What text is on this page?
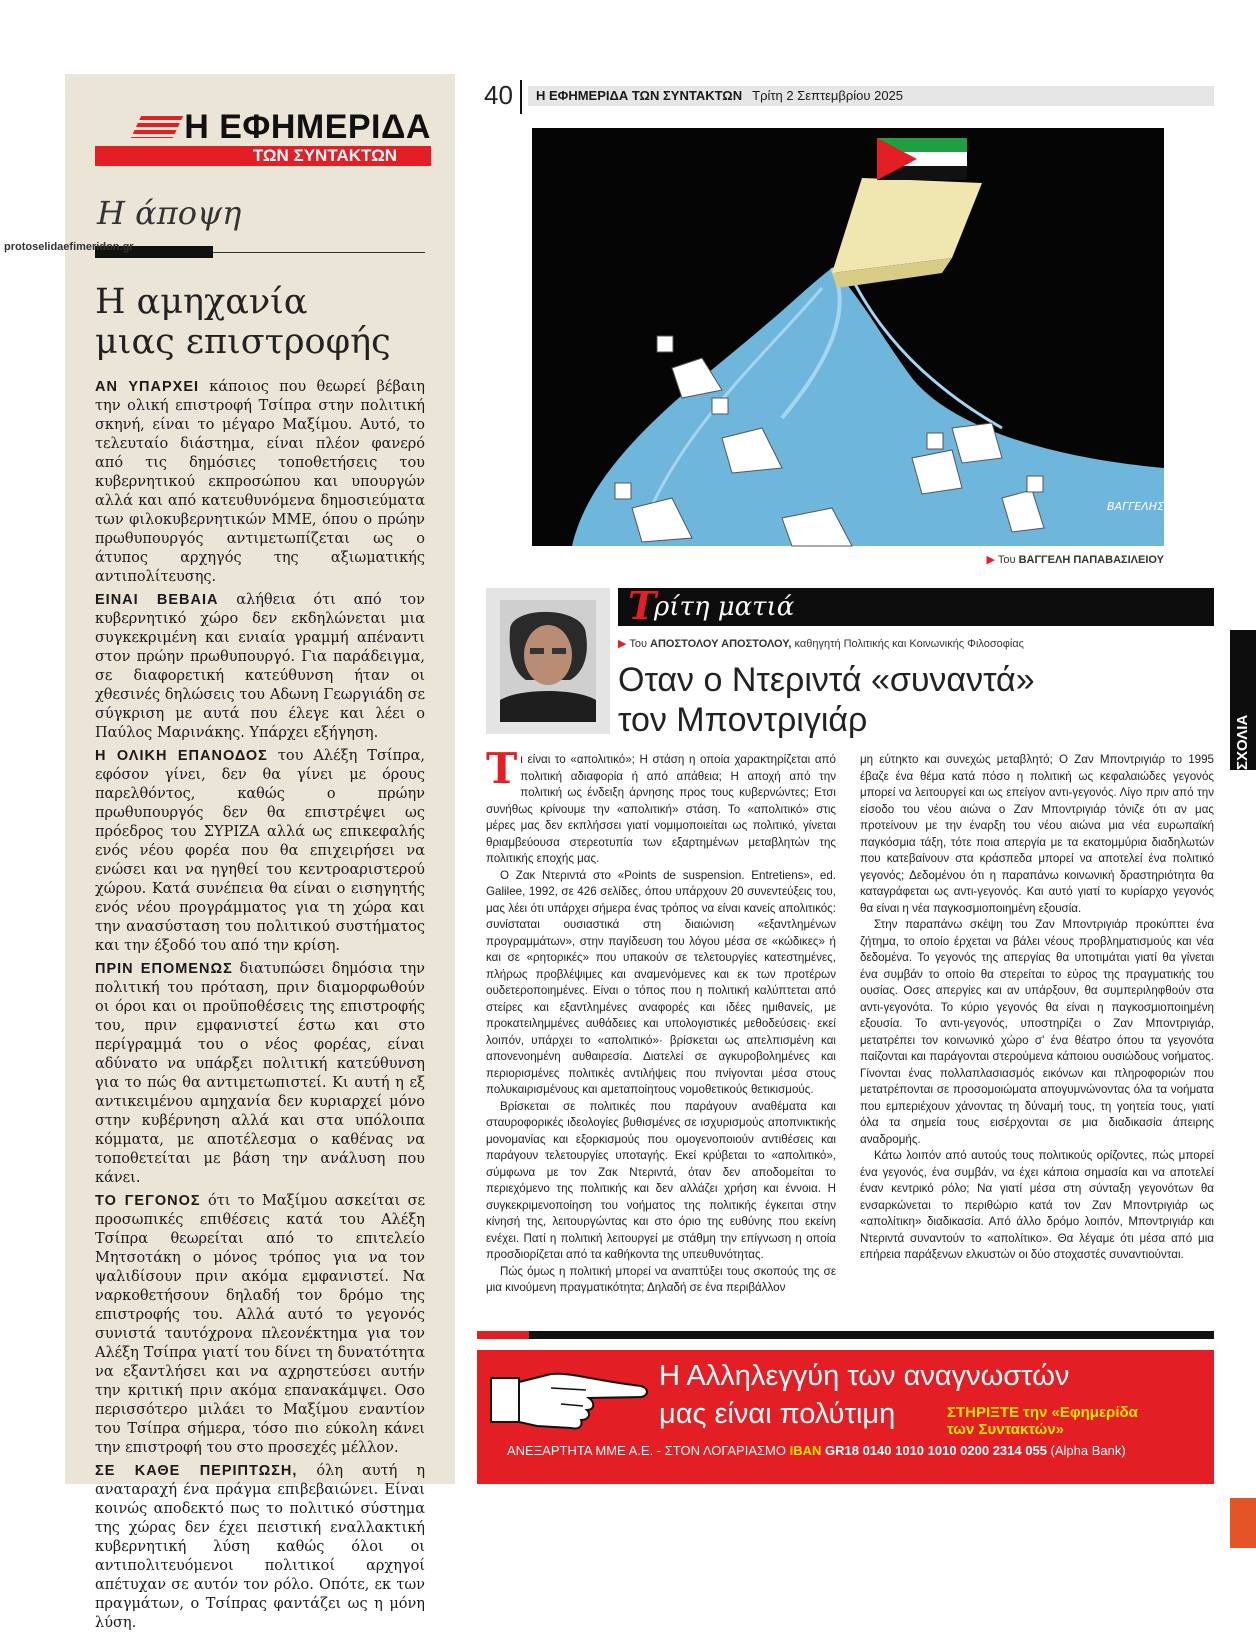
Η ΕΦΗΜΕΡΙΔΑ
ΤΩΝ ΣΥΝΤΑΚΤΩΝ
Η άποψη
Η αμηχανία
μιας επιστροφής

ΑΝ ΥΠΑΡΧΕΙ κάποιος που θεωρεί βέβαιη την ολική επιστροφή Τσίπρα στην πολιτική σκηνή, είναι το μέγαρο Μαξίμου. Αυτό, το τελευταίο διάστημα, είναι πλέον φανερό από τις δημόσιες τοποθετήσεις του κυβερνητικού εκπροσώπου και υπουργών αλλά και από κατευθυνόμενα δημοσιεύματα των φιλοκυβερνητικών ΜΜΕ, όπου ο πρώην πρωθυπουργός αντιμετωπίζεται ως ο άτυπος αρχηγός της αξιωματικής αντιπολίτευσης.

ΕΙΝΑΙ ΒΕΒΑΙΑ αλήθεια ότι από τον κυβερνητικό χώρο δεν εκδηλώνεται μια συγκεκριμένη και ενιαία γραμμή απέναντι στον πρώην πρωθυπουργό. Για παράδειγμα, σε διαφορετική κατεύθυνση ήταν οι χθεσινές δηλώσεις του Αδωνη Γεωργιάδη σε σύγκριση με αυτά που έλεγε και λέει ο Παύλος Μαρινάκης. Υπάρχει εξήγηση.

Η ΟΛΙΚΗ ΕΠΑΝΟΔΟΣ του Αλέξη Τσίπρα, εφόσον γίνει, δεν θα γίνει με όρους παρελθόντος, καθώς ο πρώην πρωθυπουργός δεν θα επιστρέψει ως πρόεδρος του ΣΥΡΙΖΑ αλλά ως επικεφαλής ενός νέου φορέα που θα επιχειρήσει να ενώσει και να ηγηθεί του κεντροαριστερού χώρου. Κατά συνέπεια θα είναι ο εισηγητής ενός νέου προγράμματος για τη χώρα και την ανασύσταση του πολιτικού συστήματος και την έξοδό του από την κρίση.

ΠΡΙΝ ΕΠΟΜΕΝΩΣ διατυπώσει δημόσια την πολιτική του πρόταση, πριν διαμορφωθούν οι όροι και οι προϋποθέσεις της επιστροφής του, πριν εμφανιστεί έστω και στο περίγραμμά του ο νέος φορέας, είναι αδύνατο να υπάρξει πολιτική κατεύθυνση για το πώς θα αντιμετωπιστεί. Κι αυτή η εξ αντικειμένου αμηχανία δεν κυριαρχεί μόνο στην κυβέρνηση αλλά και στα υπόλοιπα κόμματα, με αποτέλεσμα ο καθένας να τοποθετείται με βάση την ανάλυση που κάνει.

ΤΟ ΓΕΓΟΝΟΣ ότι το Μαξίμου ασκείται σε προσωπικές επιθέσεις κατά του Αλέξη Τσίπρα θεωρείται από το επιτελείο Μητσοτάκη ο μόνος τρόπος για να τον ψαλιδίσουν πριν ακόμα εμφανιστεί. Να ναρκοθετήσουν δηλαδή τον δρόμο της επιστροφής του. Αλλά αυτό το γεγονός συνιστά ταυτόχρονα πλεονέκτημα για τον Αλέξη Τσίπρα γιατί του δίνει τη δυνατότητα να εξαντλήσει και να αχρηστεύσει αυτήν την κριτική πριν ακόμα επανακάμψει. Οσο περισσότερο μιλάει το Μαξίμου εναντίον του Τσίπρα σήμερα, τόσο πιο εύκολη κάνει την επιστροφή του στο προσεχές μέλλον.

ΣΕ ΚΑΘΕ ΠΕΡΙΠΤΩΣΗ, όλη αυτή η αναταραχή ένα πράγμα επιβεβαιώνει. Είναι κοινώς αποδεκτό πως το πολιτικό σύστημα της χώρας δεν έχει πειστική εναλλακτική κυβερνητική λύση καθώς όλοι οι αντιπολιτευόμενοι πολιτικοί αρχηγοί απέτυχαν σε αυτόν τον ρόλο. Οπότε, εκ των πραγμάτων, ο Τσίπρας φαντάζει ως η μόνη λύση.

protoselidaefimeridon.gr
40	Η ΕΦΗΜΕΡΙΔΑ ΤΩΝ ΣΥΝΤΑΚΤΩΝ Τρίτη 2 Σεπτεμβρίου 2025
ΒΑΓΓΕΛΗΣ 2/9/25
▶ Του ΒΑΓΓΕΛΗ ΠΑΠΑΒΑΣΙΛΕΙΟΥ
Τ
ρίτη ματιά
▶ Του ΑΠΟΣΤΟΛΟΥ ΑΠΟΣΤΟΛΟΥ, καθηγητή Πολιτικής και Κοινωνικής Φιλοσοφίας
Οταν ο Ντεριντά «συναντά»
τον Μποντριγιάρ

Τι είναι το «απολιτικό»; Η στάση η οποία χαρακτηρίζεται από πολιτική αδιαφορία ή από απάθεια; Η αποχή από την πολιτική ως ένδειξη άρνησης προς τους κυβερνώντες; Ετσι συνήθως κρίνουμε την «απολιτική» στάση. Το «απολιτικό» στις μέρες μας δεν εκπλήσσει γιατί νομιμοποιείται ως πολιτικό, γίνεται θριαμβεύουσα στερεοτυπία των εξαρτημένων μεταβλητών της πολιτικής εποχής μας.

Ο Ζακ Ντεριντά στο «Points de suspension. Entretiens», ed. Galilee, 1992, σε 426 σελίδες, όπου υπάρχουν 20 συνεντεύξεις του, μας λέει ότι υπάρχει σήμερα ένας τρόπος να είναι κανείς απολιτικός: συνίσταται ουσιαστικά στη διαιώνιση «εξαντλημένων προγραμμάτων», στην παγίδευση του λόγου μέσα σε «κώδικες» ή και σε «ρητορικές» που υπακούν σε τελετουργίες κατεστημένες, πλήρως προβλέψιμες και αναμενόμενες και εκ των προτέρων ουδετεροποιημένες. Είναι ο τόπος που η πολιτική καλύπτεται από στείρες και εξαντλημένες αναφορές και ιδέες ημιθανείς, με προκατειλημμένες αυθάδειες και υπολογιστικές μεθοδεύσεις· εκεί λοιπόν, υπάρχει το «απολιτικό»· βρίσκεται ως απελπισμένη και απονενοημένη αυθαιρεσία. Διατελεί σε αγκυροβολημένες και περιορισμένες πολιτικές αντιλήψεις που πνίγονται μέσα στους πολυκαιρισμένους και αμεταποίητους νομοθετικούς θετικισμούς.

Βρίσκεται σε πολιτικές που παράγουν αναθέματα και σταυροφορικές ιδεολογίες βυθισμένες σε ισχυρισμούς αποπνικτικής μονομανίας και εξορκισμούς που ομογενοποιούν αντιθέσεις και παράγουν τελετουργίες υποταγής. Εκεί κρύβεται το «απολιτικό», σύμφωνα με τον Ζακ Ντεριντά, όταν δεν αποδομείται το περιεχόμενο της πολιτικής και δεν αλλάζει χρήση και έννοια. Η συγκεκριμενοποίηση του νοήματος της πολιτικής έγκειται στην κίνησή της, λειτουργώντας και στο όριο της ευθύνης που εκείνη ενέχει. Πατί η πολιτική λειτουργεί με στάθμη την επίγνωση η οποία προσδιορίζεται από τα καθήκοντα της υπευθυνότητας.

Πώς όμως η πολιτική μπορεί να αναπτύξει τους σκοπούς της σε μια κινούμενη πραγματικότητα; Δηλαδή σε ένα περιβάλλον

μη εύτηκτο και συνεχώς μεταβλητό; Ο Ζαν Μποντριγιάρ το 1995 έβαζε ένα θέμα κατά πόσο η πολιτική ως κεφαλαιώδες γεγονός μπορεί να λειτουργεί και ως επείγον αντι-γεγονός. Λίγο πριν από την είσοδο του νέου αιώνα ο Ζαν Μποντριγιάρ τόνιζε ότι αν μας προτείνουν με την έναρξη του νέου αιώνα μια νέα ευρωπαϊκή παγκόσμια τάξη, τότε ποια απεργία με τα εκατομμύρια διαδηλωτών που κατεβαίνουν στα κράσπεδα μπορεί να αποτελεί ένα πολιτικό γεγονός; Δεδομένου ότι η παραπάνω κοινωνική δραστηριότητα θα καταγράφεται ως αντι-γεγονός. Και αυτό γιατί το κυρίαρχο γεγονός θα είναι η νέα παγκοσμιοποιημένη εξουσία.

Στην παραπάνω σκέψη του Ζαν Μποντριγιάρ προκύπτει ένα ζήτημα, το οποίο έρχεται να βάλει νέους προβληματισμούς και νέα δεδομένα. Το γεγονός της απεργίας θα υποτιμάται γιατί θα γίνεται ένα συμβάν το οποίο θα στερείται το εύρος της πραγματικής του ουσίας. Οσες απεργίες και αν υπάρξουν, θα συμπεριληφθούν στα αντι-γεγονότα. Το κύριο γεγονός θα είναι η παγκοσμιοποιημένη εξουσία. Το αντι-γεγονός, υποστηρίζει ο Ζαν Μποντριγιάρ, μετατρέπει τον κοινωνικό χώρο σ' ένα θέατρο όπου τα γεγονότα παίζονται και παράγονται στερούμενα κάποιου ουσιώδους νοήματος. Γίνονται ένας πολλαπλασιασμός εικόνων και πληροφοριών που μετατρέπονται σε προσομοιώματα απογυμνώνοντας όλα τα νοήματα που εμπεριέχουν χάνοντας τη δύναμή τους, τη γοητεία τους, γιατί όλα τα σημεία τους εισέρχονται σε μια διαδικασία άπειρης αναδρομής.

Κάτω λοιπόν από αυτούς τους πολιτικούς ορίζοντες, πώς μπορεί ένα γεγονός, ένα συμβάν, να έχει κάποια σημασία και να αποτελεί έναν κεντρικό ρόλο; Να γιατί μέσα στη σύνταξη γεγονότων θα ενσαρκώνεται το περιθώριο κατά τον Ζαν Μποντριγιάρ ως «απολίτικη» διαδικασία. Από άλλο δρόμο λοιπόν, Μποντριγιάρ και Ντεριντά συναντούν το «απολίτικο». Θα λέγαμε ότι μέσα από μια επήρεια παράξενων ελκυστών οι δύο στοχαστές συναντιούνται.

Η Αλληλεγγύη των αναγνωστών
μας είναι πολύτιμη	ΣΤΗΡΙΞΤΕ την «Εφημερίδα
των Συντακτών»
ΑΝΕΞΑΡΤΗΤΑ ΜΜΕ Α.Ε. - ΣΤΟΝ ΛΟΓΑΡΙΑΣΜΟ IBAN GR18 0140 1010 1010 0200 2314 055 (Alpha Bank)
ΣΧΟΛΙΑ
